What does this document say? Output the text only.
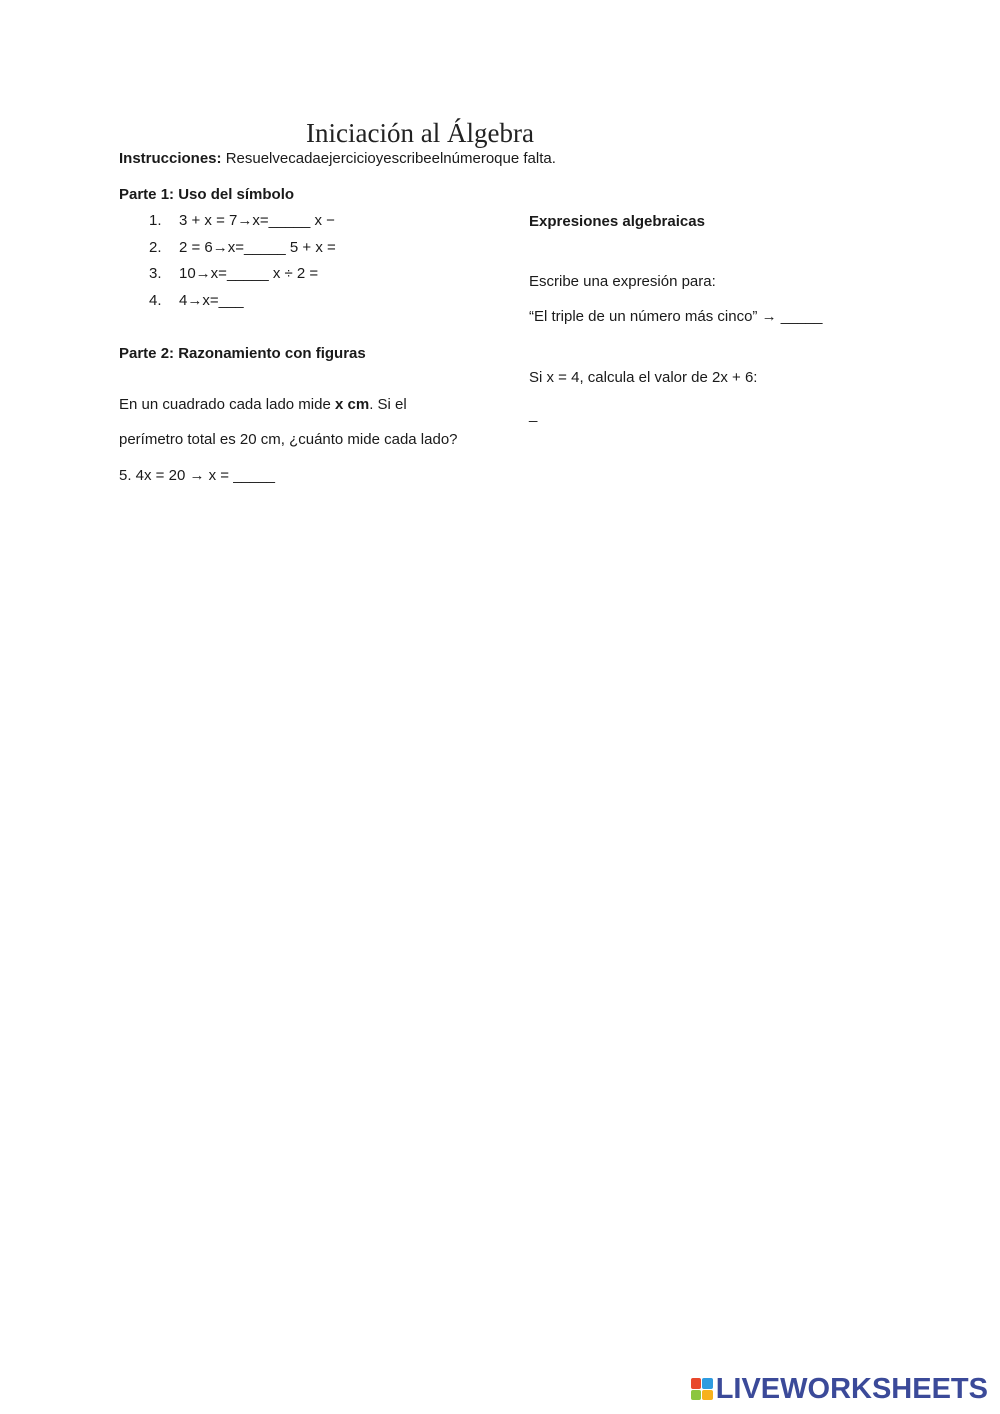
Iniciación al Álgebra
Instrucciones: Resuelvecadaejercicioyescribeelnúmeroque falta.
Parte 1: Uso del símbolo
1. 3 + x = 7→x=_____ x −
2. 2 = 6→x=_____ 5 + x =
3. 10→x=_____ x ÷ 2 =
4. 4→x=___
Expresiones algebraicas
Escribe una expresión para:
“El triple de un número más cinco” → _____
Si x = 4, calcula el valor de 2x + 6:
_
Parte 2: Razonamiento con figuras
En un cuadrado cada lado mide x cm. Si el
perímetro total es 20 cm, ¿cuánto mide cada lado?
5. 4x = 20 → x = _____
LIVEWORKSHEETS
